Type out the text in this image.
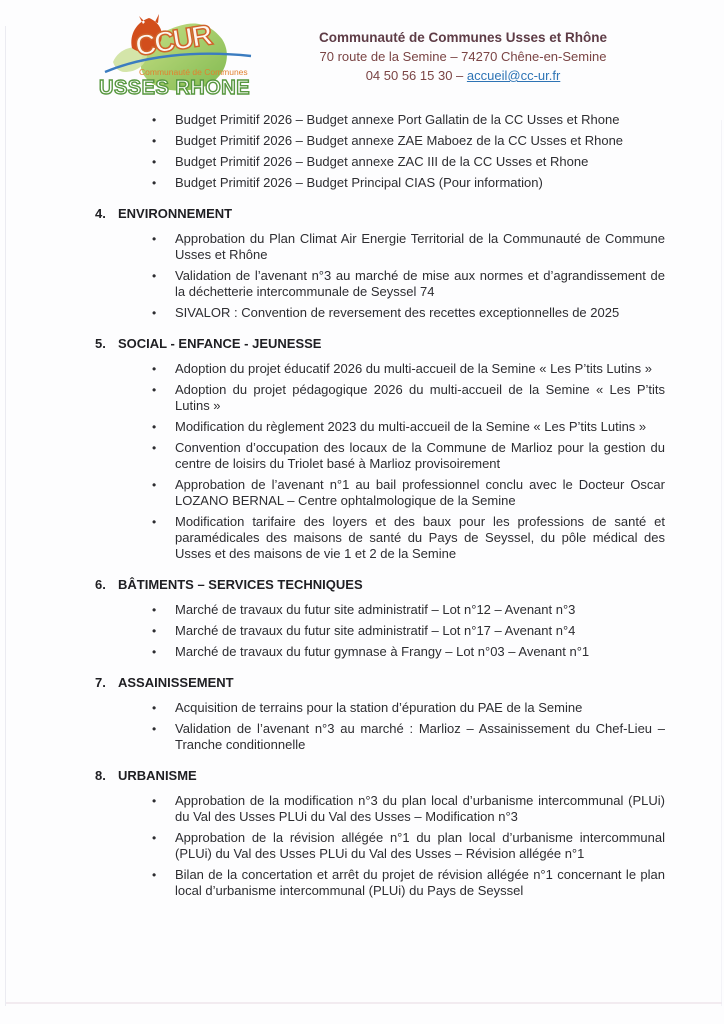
CCUR
Communauté de Communes
USSES RHONE
Communauté de Communes Usses et Rhône
70 route de la Semine – 74270 Chêne-en-Semine
04 50 56 15 30 – accueil@cc-ur.fr
•	Budget Primitif 2026 – Budget annexe Port Gallatin de la CC Usses et Rhone
•	Budget Primitif 2026 – Budget annexe ZAE Maboez de la CC Usses et Rhone
•	Budget Primitif 2026 – Budget annexe ZAC III de la CC Usses et Rhone
•	Budget Primitif 2026 – Budget Principal CIAS (Pour information)
4. ENVIRONNEMENT
•	Approbation du Plan Climat Air Energie Territorial de la Communauté de Commune Usses et Rhône
•	Validation de l’avenant n°3 au marché de mise aux normes et d’agrandissement de la déchetterie intercommunale de Seyssel 74
•	SIVALOR : Convention de reversement des recettes exceptionnelles de 2025
5. SOCIAL - ENFANCE - JEUNESSE
•	Adoption du projet éducatif 2026 du multi-accueil de la Semine « Les P’tits Lutins »
•	Adoption du projet pédagogique 2026 du multi-accueil de la Semine « Les P’tits Lutins »
•	Modification du règlement 2023 du multi-accueil de la Semine « Les P’tits Lutins »
•	Convention d’occupation des locaux de la Commune de Marlioz pour la gestion du centre de loisirs du Triolet basé à Marlioz provisoirement
•	Approbation de l’avenant n°1 au bail professionnel conclu avec le Docteur Oscar LOZANO BERNAL – Centre ophtalmologique de la Semine
•	Modification tarifaire des loyers et des baux pour les professions de santé et paramédicales des maisons de santé du Pays de Seyssel, du pôle médical des Usses et des maisons de vie 1 et 2 de la Semine
6. BÂTIMENTS – SERVICES TECHNIQUES
•	Marché de travaux du futur site administratif – Lot n°12 – Avenant n°3
•	Marché de travaux du futur site administratif – Lot n°17 – Avenant n°4
•	Marché de travaux du futur gymnase à Frangy – Lot n°03 – Avenant n°1
7. ASSAINISSEMENT
•	Acquisition de terrains pour la station d’épuration du PAE de la Semine
•	Validation de l’avenant n°3 au marché : Marlioz – Assainissement du Chef-Lieu – Tranche conditionnelle
8. URBANISME
•	Approbation de la modification n°3 du plan local d’urbanisme intercommunal (PLUi) du Val des Usses PLUi du Val des Usses – Modification n°3
•	Approbation de la révision allégée n°1 du plan local d’urbanisme intercommunal (PLUi) du Val des Usses PLUi du Val des Usses – Révision allégée n°1
•	Bilan de la concertation et arrêt du projet de révision allégée n°1 concernant le plan local d’urbanisme intercommunal (PLUi) du Pays de Seyssel
